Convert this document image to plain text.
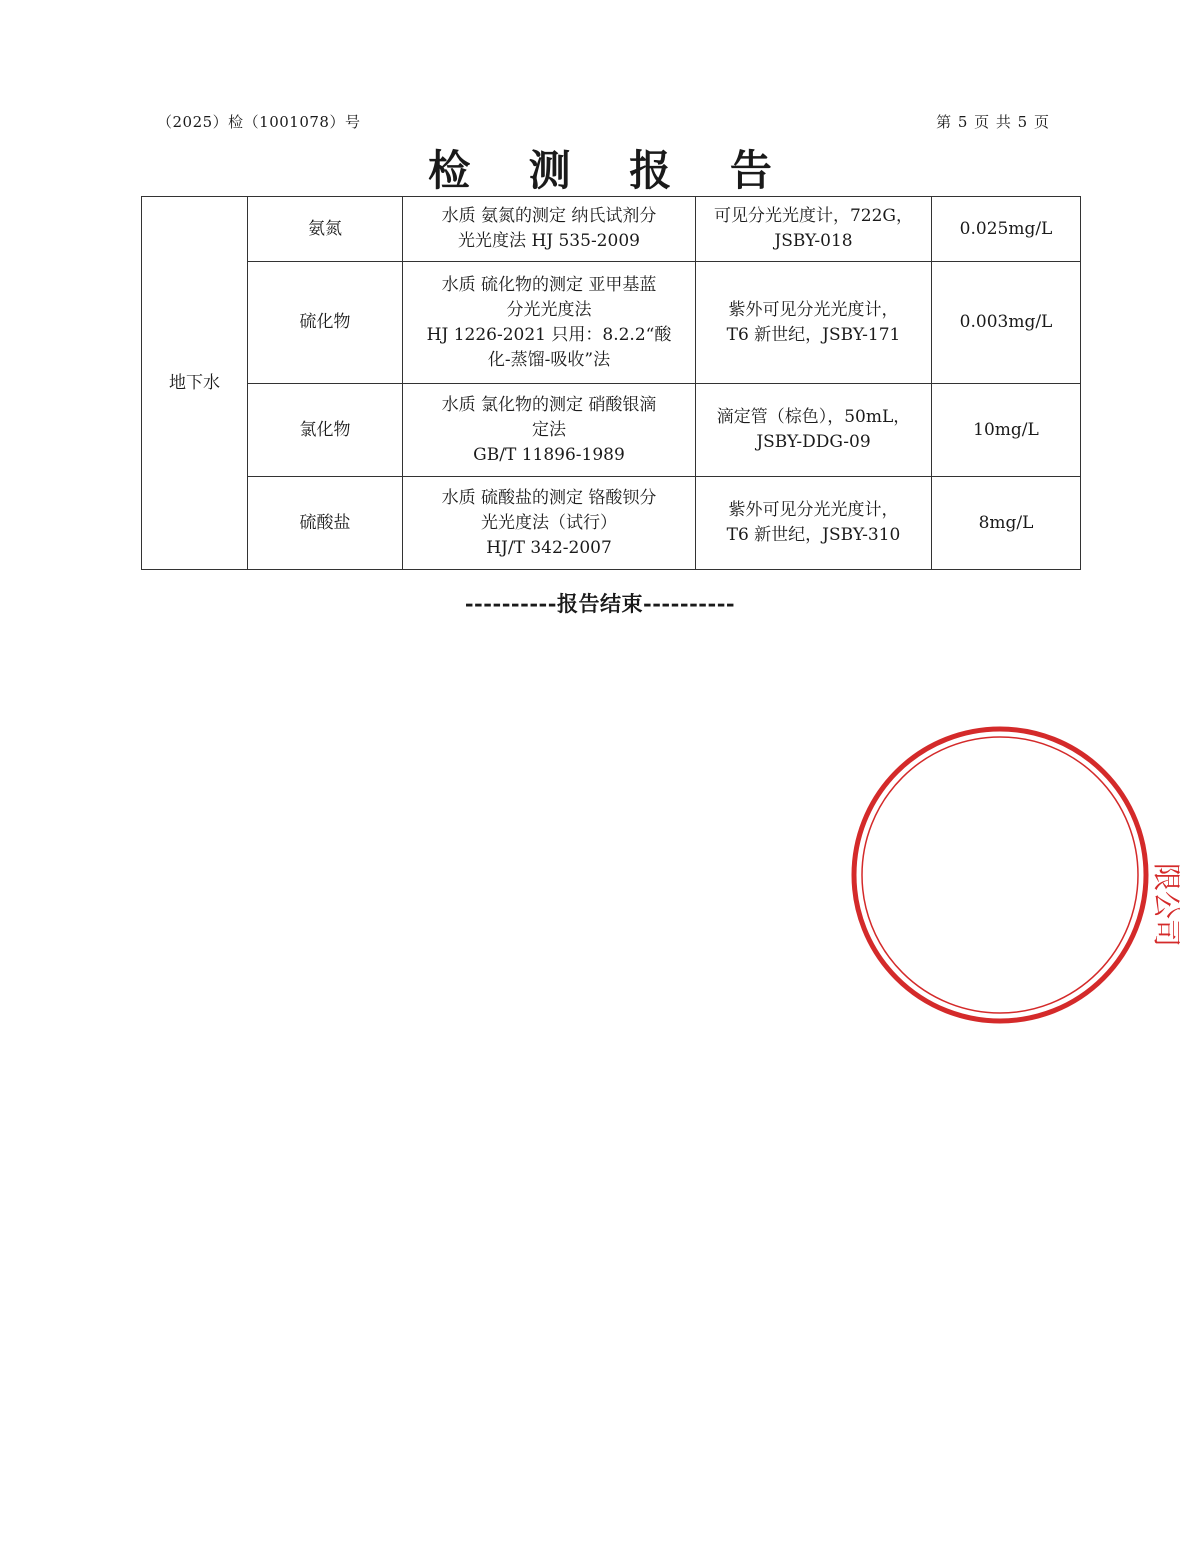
（2025）检（1001078）号	第 5 页 共 5 页
检 测 报 告
地下水	氨氮	水质 氨氮的测定 纳氏试剂分
光光度法 HJ 535-2009	可见分光光度计，722G，
JSBY-018	0.025mg/L
	硫化物	水质 硫化物的测定 亚甲基蓝
分光光度法
HJ 1226-2021 只用：8.2.2“酸
化-蒸馏-吸收”法	紫外可见分光光度计，
T6 新世纪，JSBY-171	0.003mg/L
	氯化物	水质 氯化物的测定 硝酸银滴
定法
GB/T 11896-1989	滴定管（棕色），50mL，
JSBY-DDG-09	10mg/L
	硫酸盐	水质 硫酸盐的测定 铬酸钡分
光光度法（试行）
HJ/T 342-2007	紫外可见分光光度计，
T6 新世纪，JSBY-310	8mg/L
----------报告结束----------
限公司
